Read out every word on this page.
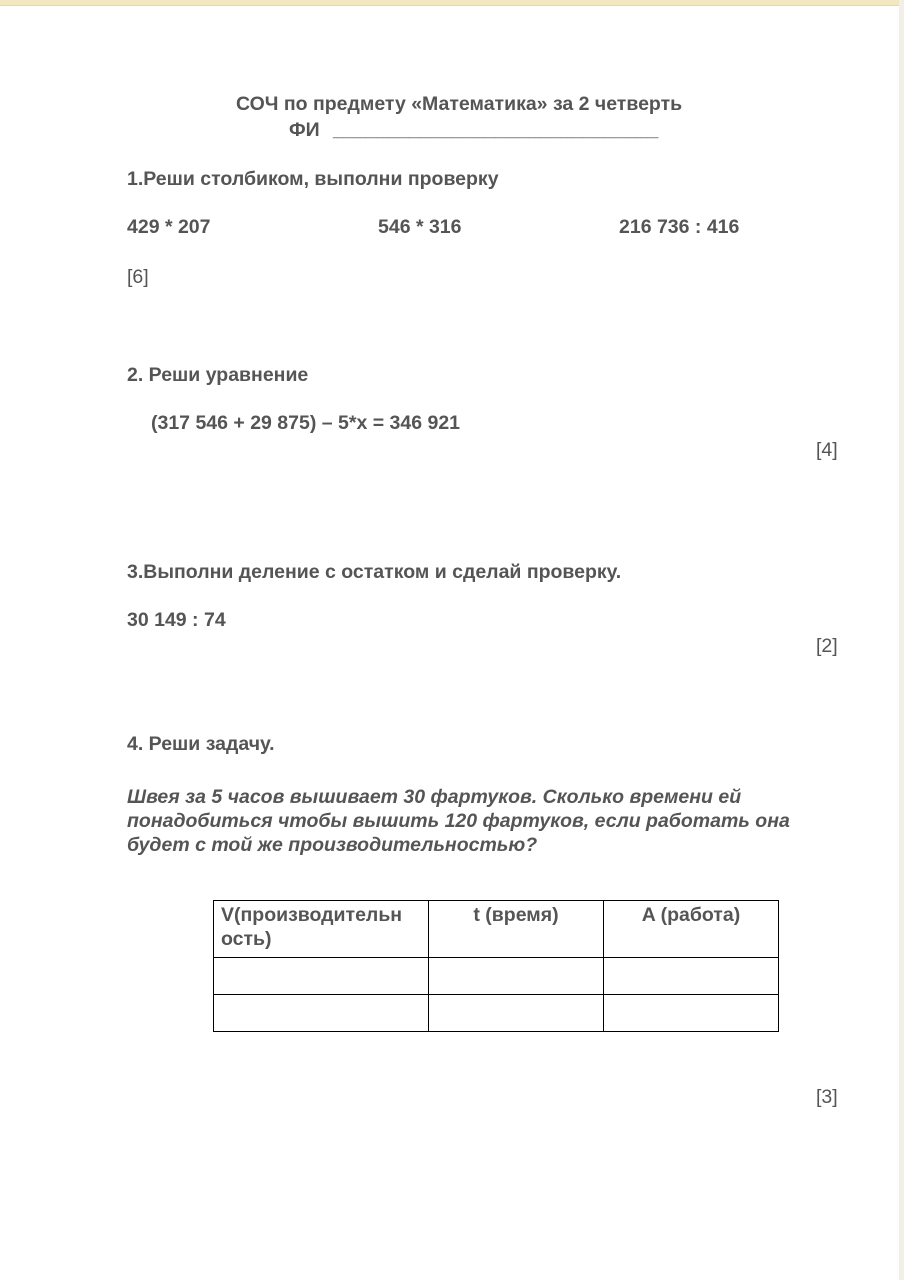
СОЧ по предмету «Математика» за 2 четверть
ФИ ______________________________
1.Реши столбиком, выполни проверку
429 * 207	546 * 316	216 736 : 416
[6]
2. Реши уравнение
(317 546 + 29 875) – 5*x = 346 921
[4]
3.Выполни деление с остатком и сделай проверку.
30 149 : 74
[2]
4. Реши задачу.
Швея за 5 часов вышивает 30 фартуков. Сколько времени ей понадобиться чтобы вышить 120 фартуков, если работать она будет с той же производительностью?
V(производительн ость)	t (время)	A (работа)

[3]
